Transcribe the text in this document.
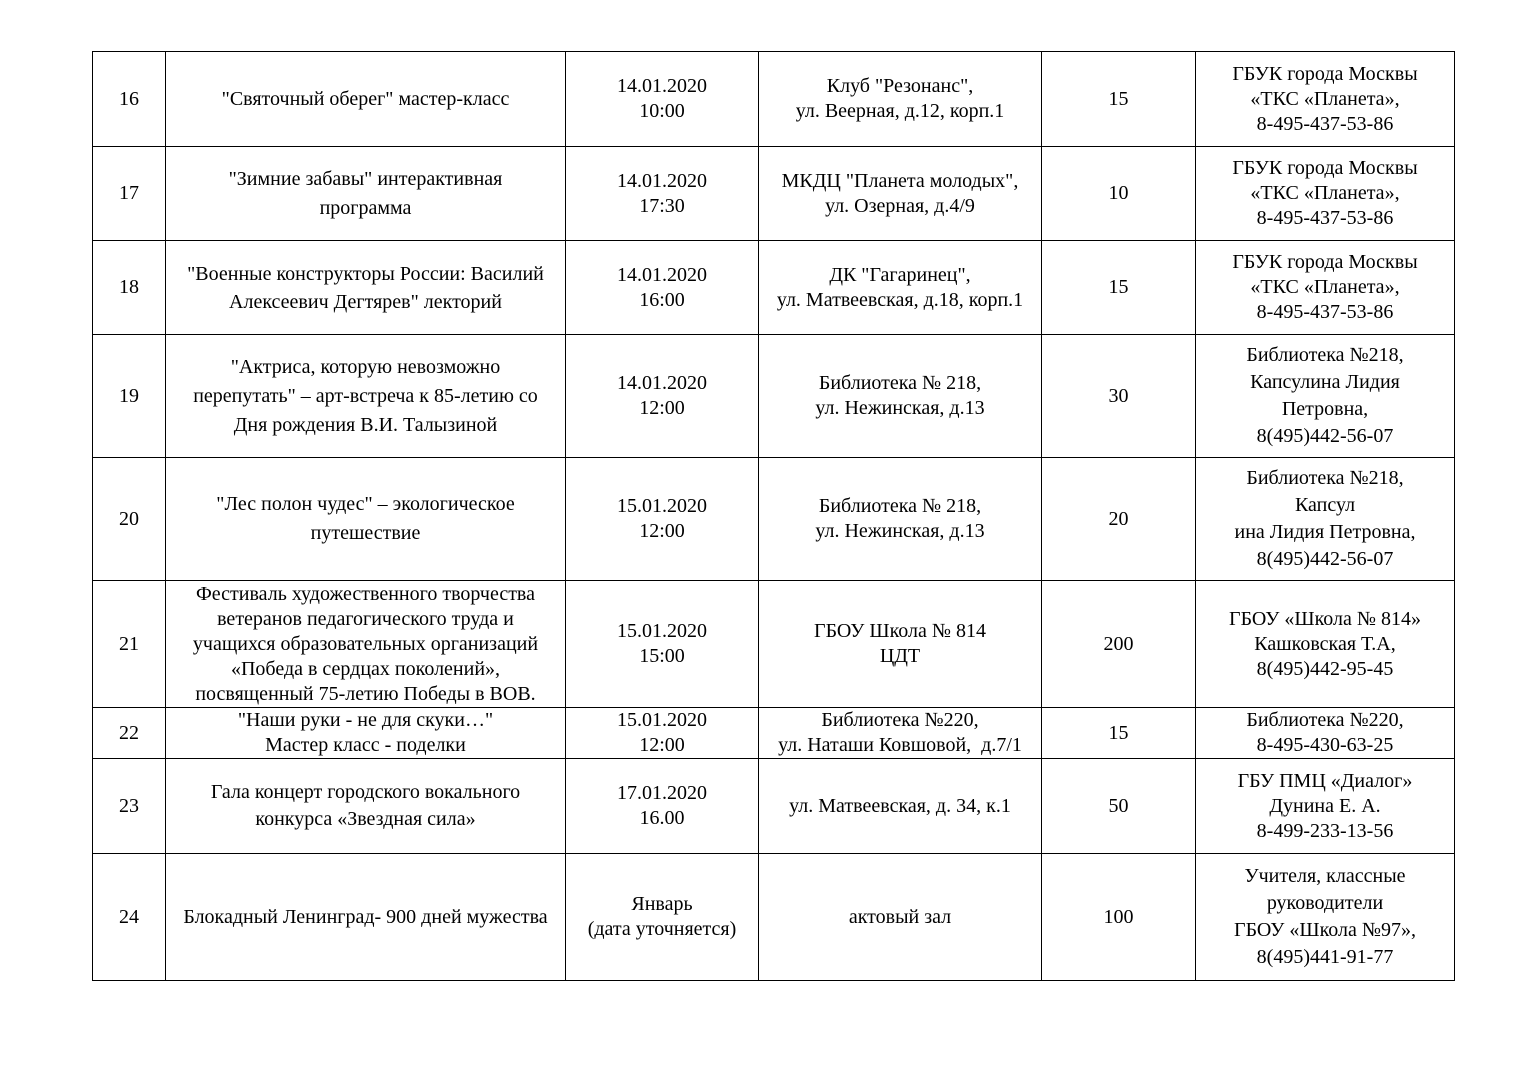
16	"Святочный оберег" мастер-класс	14.01.2020
10:00	Клуб "Резонанс",
ул. Веерная, д.12, корп.1	15	ГБУК города Москвы
«ТКС «Планета»,
8-495-437-53-86

17	"Зимние забавы" интерактивная
программа	14.01.2020
17:30	МКДЦ "Планета молодых",
ул. Озерная, д.4/9	10	ГБУК города Москвы
«ТКС «Планета»,
8-495-437-53-86

18	"Военные конструкторы России: Василий
Алексеевич Дегтярев" лекторий	14.01.2020
16:00	ДК "Гагаринец",
ул. Матвеевская, д.18, корп.1	15	ГБУК города Москвы
«ТКС «Планета»,
8-495-437-53-86

19	"Актриса, которую невозможно
перепутать" – арт-встреча к 85-летию со
Дня рождения В.И. Талызиной	14.01.2020
12:00	Библиотека № 218,
ул. Нежинская, д.13	30	Библиотека №218,
Капсулина Лидия
Петровна,
8(495)442-56-07

20	"Лес полон чудес" – экологическое
путешествие	15.01.2020
12:00	Библиотека № 218,
ул. Нежинская, д.13	20	Библиотека №218,
Капсул
ина Лидия Петровна,
8(495)442-56-07

21	Фестиваль художественного творчества
ветеранов педагогического труда и
учащихся образовательных организаций
«Победа в сердцах поколений»,
посвященный 75-летию Победы в ВОВ.	15.01.2020
15:00	ГБОУ Школа № 814
ЦДТ	200	ГБОУ «Школа № 814»
Кашковская Т.А,
8(495)442-95-45

22	"Наши руки - не для скуки…"
Мастер класс - поделки	15.01.2020
12:00	Библиотека №220,
ул. Наташи Ковшовой,  д.7/1	15	Библиотека №220,
8-495-430-63-25

23	Гала концерт городского вокального
конкурса «Звездная сила»	17.01.2020
16.00	ул. Матвеевская, д. 34, к.1	50	ГБУ ПМЦ «Диалог»
Дунина Е. А.
8-499-233-13-56

24	Блокадный Ленинград- 900 дней мужества	Январь
(дата уточняется)	актовый зал	100	Учителя, классные
руководители
ГБОУ «Школа №97»,
8(495)441-91-77
